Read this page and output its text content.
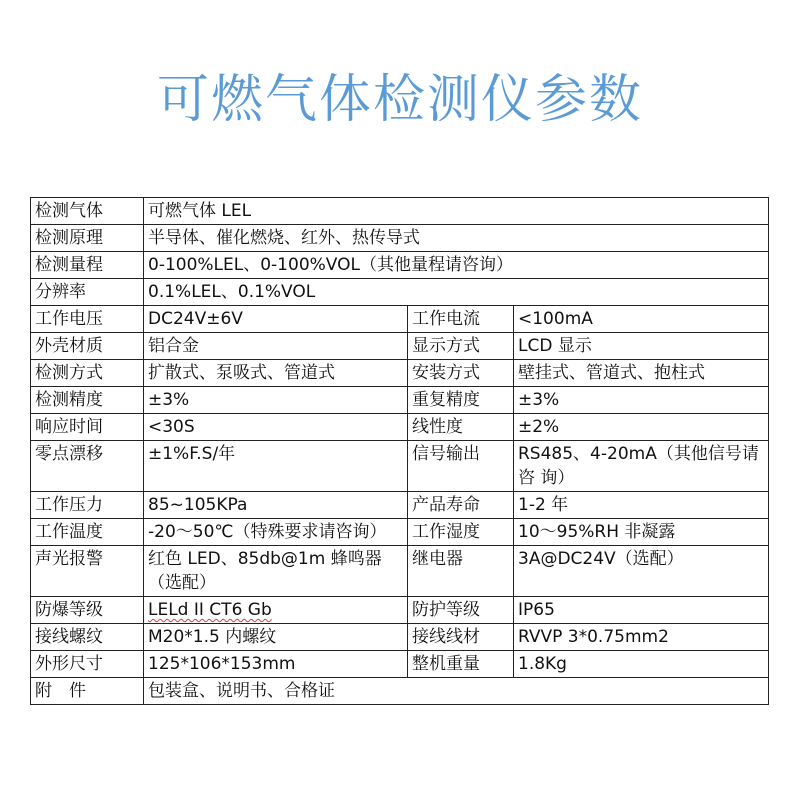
可燃气体检测仪参数
检测气体	可燃气体 LEL		
检测原理	半导体、催化燃烧、红外、热传导式		
检测量程	0-100%LEL、0-100%VOL（其他量程请咨询）		
分辨率	0.1%LEL、0.1%VOL		
工作电压	DC24V±6V	工作电流	<100mA
外壳材质	铝合金	显示方式	LCD 显示
检测方式	扩散式、泵吸式、管道式	安装方式	壁挂式、管道式、抱柱式
检测精度	±3%	重复精度	±3%
响应时间	<30S	线性度	±2%
零点漂移	±1%F.S/年	信号输出	RS485、4-20mA（其他信号请咨 询）
工作压力	85~105KPa	产品寿命	1-2 年
工作温度	-20～50℃（特殊要求请咨询）	工作湿度	10～95%RH 非凝露
声光报警	红色 LED、85db@1m 蜂鸣器（选配）	继电器	3A@DC24V（选配）
防爆等级	LELd II CT6 Gb	防护等级	IP65
接线螺纹	M20*1.5 内螺纹	接线线材	RVVP 3*0.75mm2
外形尺寸	125*106*153mm	整机重量	1.8Kg
附　件	包装盒、说明书、合格证		
